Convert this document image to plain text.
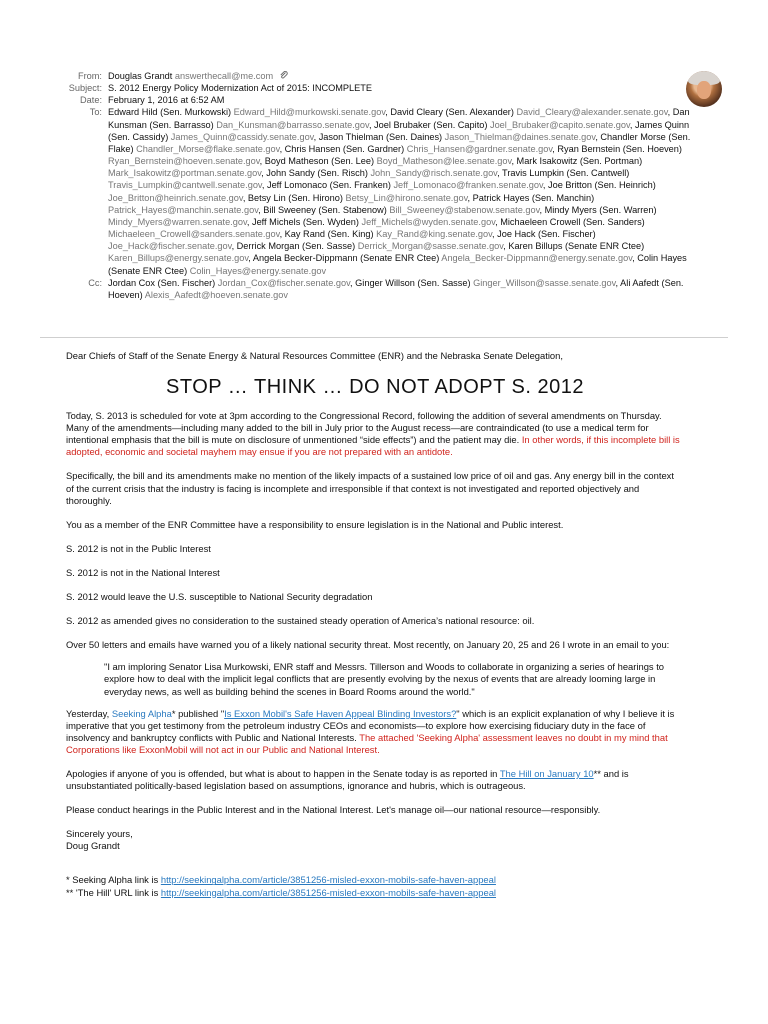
From: Douglas Grandt answerthecall@me.com
Subject: S. 2012 Energy Policy Modernization Act of 2015: INCOMPLETE
Date: February 1, 2016 at 6:52 AM
To: Edward Hild (Sen. Murkowski) Edward_Hild@murkowski.senate.gov, David Cleary (Sen. Alexander) David_Cleary@alexander.senate.gov, Dan Kunsman (Sen. Barrasso) Dan_Kunsman@barrasso.senate.gov, Joel Brubaker (Sen. Capito) Joel_Brubaker@capito.senate.gov, James Quinn (Sen. Cassidy) James_Quinn@cassidy.senate.gov, Jason Thielman (Sen. Daines) Jason_Thielman@daines.senate.gov, Chandler Morse (Sen. Flake) Chandler_Morse@flake.senate.gov, Chris Hansen (Sen. Gardner) Chris_Hansen@gardner.senate.gov, Ryan Bernstein (Sen. Hoeven) Ryan_Bernstein@hoeven.senate.gov, Boyd Matheson (Sen. Lee) Boyd_Matheson@lee.senate.gov, Mark Isakowitz (Sen. Portman) Mark_Isakowitz@portman.senate.gov, John Sandy (Sen. Risch) John_Sandy@risch.senate.gov, Travis Lumpkin (Sen. Cantwell) Travis_Lumpkin@cantwell.senate.gov, Jeff Lomonaco (Sen. Franken) Jeff_Lomonaco@franken.senate.gov, Joe Britton (Sen. Heinrich) Joe_Britton@heinrich.senate.gov, Betsy Lin (Sen. Hirono) Betsy_Lin@hirono.senate.gov, Patrick Hayes (Sen. Manchin) Patrick_Hayes@manchin.senate.gov, Bill Sweeney (Sen. Stabenow) Bill_Sweeney@stabenow.senate.gov, Mindy Myers (Sen. Warren) Mindy_Myers@warren.senate.gov, Jeff Michels (Sen. Wyden) Jeff_Michels@wyden.senate.gov, Michaeleen Crowell (Sen. Sanders) Michaeleen_Crowell@sanders.senate.gov, Kay Rand (Sen. King) Kay_Rand@king.senate.gov, Joe Hack (Sen. Fischer) Joe_Hack@fischer.senate.gov, Derrick Morgan (Sen. Sasse) Derrick_Morgan@sasse.senate.gov, Karen Billups (Senate ENR Ctee) Karen_Billups@energy.senate.gov, Angela Becker-Dippmann (Senate ENR Ctee) Angela_Becker-Dippmann@energy.senate.gov, Colin Hayes (Senate ENR Ctee) Colin_Hayes@energy.senate.gov
Cc: Jordan Cox (Sen. Fischer) Jordan_Cox@fischer.senate.gov, Ginger Willson (Sen. Sasse) Ginger_Willson@sasse.senate.gov, Ali Aafedt (Sen. Hoeven) Alexis_Aafedt@hoeven.senate.gov

Dear Chiefs of Staff of the Senate Energy & Natural Resources Committee (ENR) and the Nebraska Senate Delegation,

STOP … THINK … DO NOT ADOPT S. 2012

Today, S. 2013 is scheduled for vote at 3pm according to the Congressional Record, following the addition of several amendments on Thursday. Many of the amendments—including many added to the bill in July prior to the August recess—are contraindicated (to use a medical term for intentional emphasis that the bill is mute on disclosure of unmentioned “side effects”) and the patient may die. In other words, if this incomplete bill is adopted, economic and societal mayhem may ensue if you are not prepared with an antidote.

Specifically, the bill and its amendments make no mention of the likely impacts of a sustained low price of oil and gas. Any energy bill in the context of the current crisis that the industry is facing is incomplete and irresponsible if that context is not investigated and reported objectively and thoroughly.

You as a member of the ENR Committee have a responsibility to ensure legislation is in the National and Public interest.

S. 2012 is not in the Public Interest

S. 2012 is not in the National Interest

S. 2012 would leave the U.S. susceptible to National Security degradation

S. 2012 as amended gives no consideration to the sustained steady operation of America’s national resource: oil.

Over 50 letters and emails have warned you of a likely national security threat. Most recently, on January 20, 25 and 26 I wrote in an email to you:

"I am imploring Senator Lisa Murkowski, ENR staff and Messrs. Tillerson and Woods to collaborate in organizing a series of hearings to explore how to deal with the implicit legal conflicts that are presently evolving by the nexus of events that are already looming large in everyday news, as well as building behind the scenes in Board Rooms around the world."

Yesterday, Seeking Alpha* published "Is Exxon Mobil's Safe Haven Appeal Blinding Investors?" which is an explicit explanation of why I believe it is imperative that you get testimony from the petroleum industry CEOs and economists—to explore how exercising fiduciary duty in the face of insolvency and bankruptcy conflicts with Public and National Interests. The attached 'Seeking Alpha' assessment leaves no doubt in my mind that Corporations like ExxonMobil will not act in our Public and National Interest.

Apologies if anyone of you is offended, but what is about to happen in the Senate today is as reported in The Hill on January 10** and is unsubstantiated politically-based legislation based on assumptions, ignorance and hubris, which is outrageous.

Please conduct hearings in the Public Interest and in the National Interest. Let's manage oil—our national resource—responsibly.

Sincerely yours,

Doug Grandt

* Seeking Alpha link is http://seekingalpha.com/article/3851256-misled-exxon-mobils-safe-haven-appeal

** 'The Hill' URL link is http://seekingalpha.com/article/3851256-misled-exxon-mobils-safe-haven-appeal
